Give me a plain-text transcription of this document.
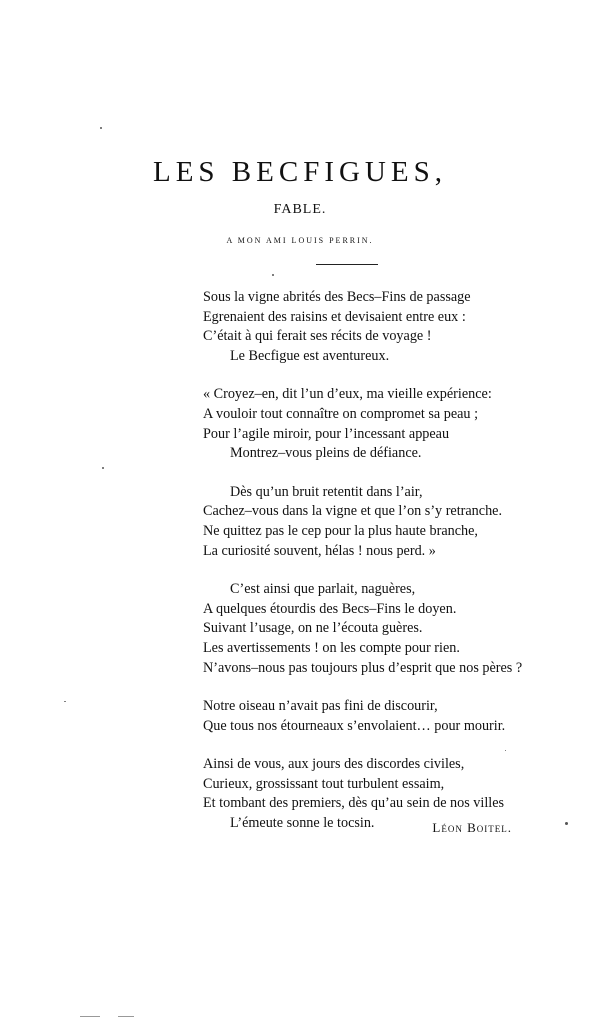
LES BECFIGUES,
FABLE.
A MON AMI LOUIS PERRIN.
Sous la vigne abrités des Becs–Fins de passage
Egrenaient des raisins et devisaient entre eux :
C’était à qui ferait ses récits de voyage !
Le Becfigue est aventureux.
« Croyez–en, dit l’un d’eux, ma vieille expérience:
A vouloir tout connaître on compromet sa peau ;
Pour l’agile miroir, pour l’incessant appeau
Montrez–vous pleins de défiance.
Dès qu’un bruit retentit dans l’air,
Cachez–vous dans la vigne et que l’on s’y retranche.
Ne quittez pas le cep pour la plus haute branche,
La curiosité souvent, hélas ! nous perd. »
C’est ainsi que parlait, naguères,
A quelques étourdis des Becs–Fins le doyen.
Suivant l’usage, on ne l’écouta guères.
Les avertissements ! on les compte pour rien.
N’avons–nous pas toujours plus d’esprit que nos pères ?
Notre oiseau n’avait pas fini de discourir,
Que tous nos étourneaux s’envolaient… pour mourir.
Ainsi de vous, aux jours des discordes civiles,
Curieux, grossissant tout turbulent essaim,
Et tombant des premiers, dès qu’au sein de nos villes
L’émeute sonne le tocsin.	Léon Boitel.
